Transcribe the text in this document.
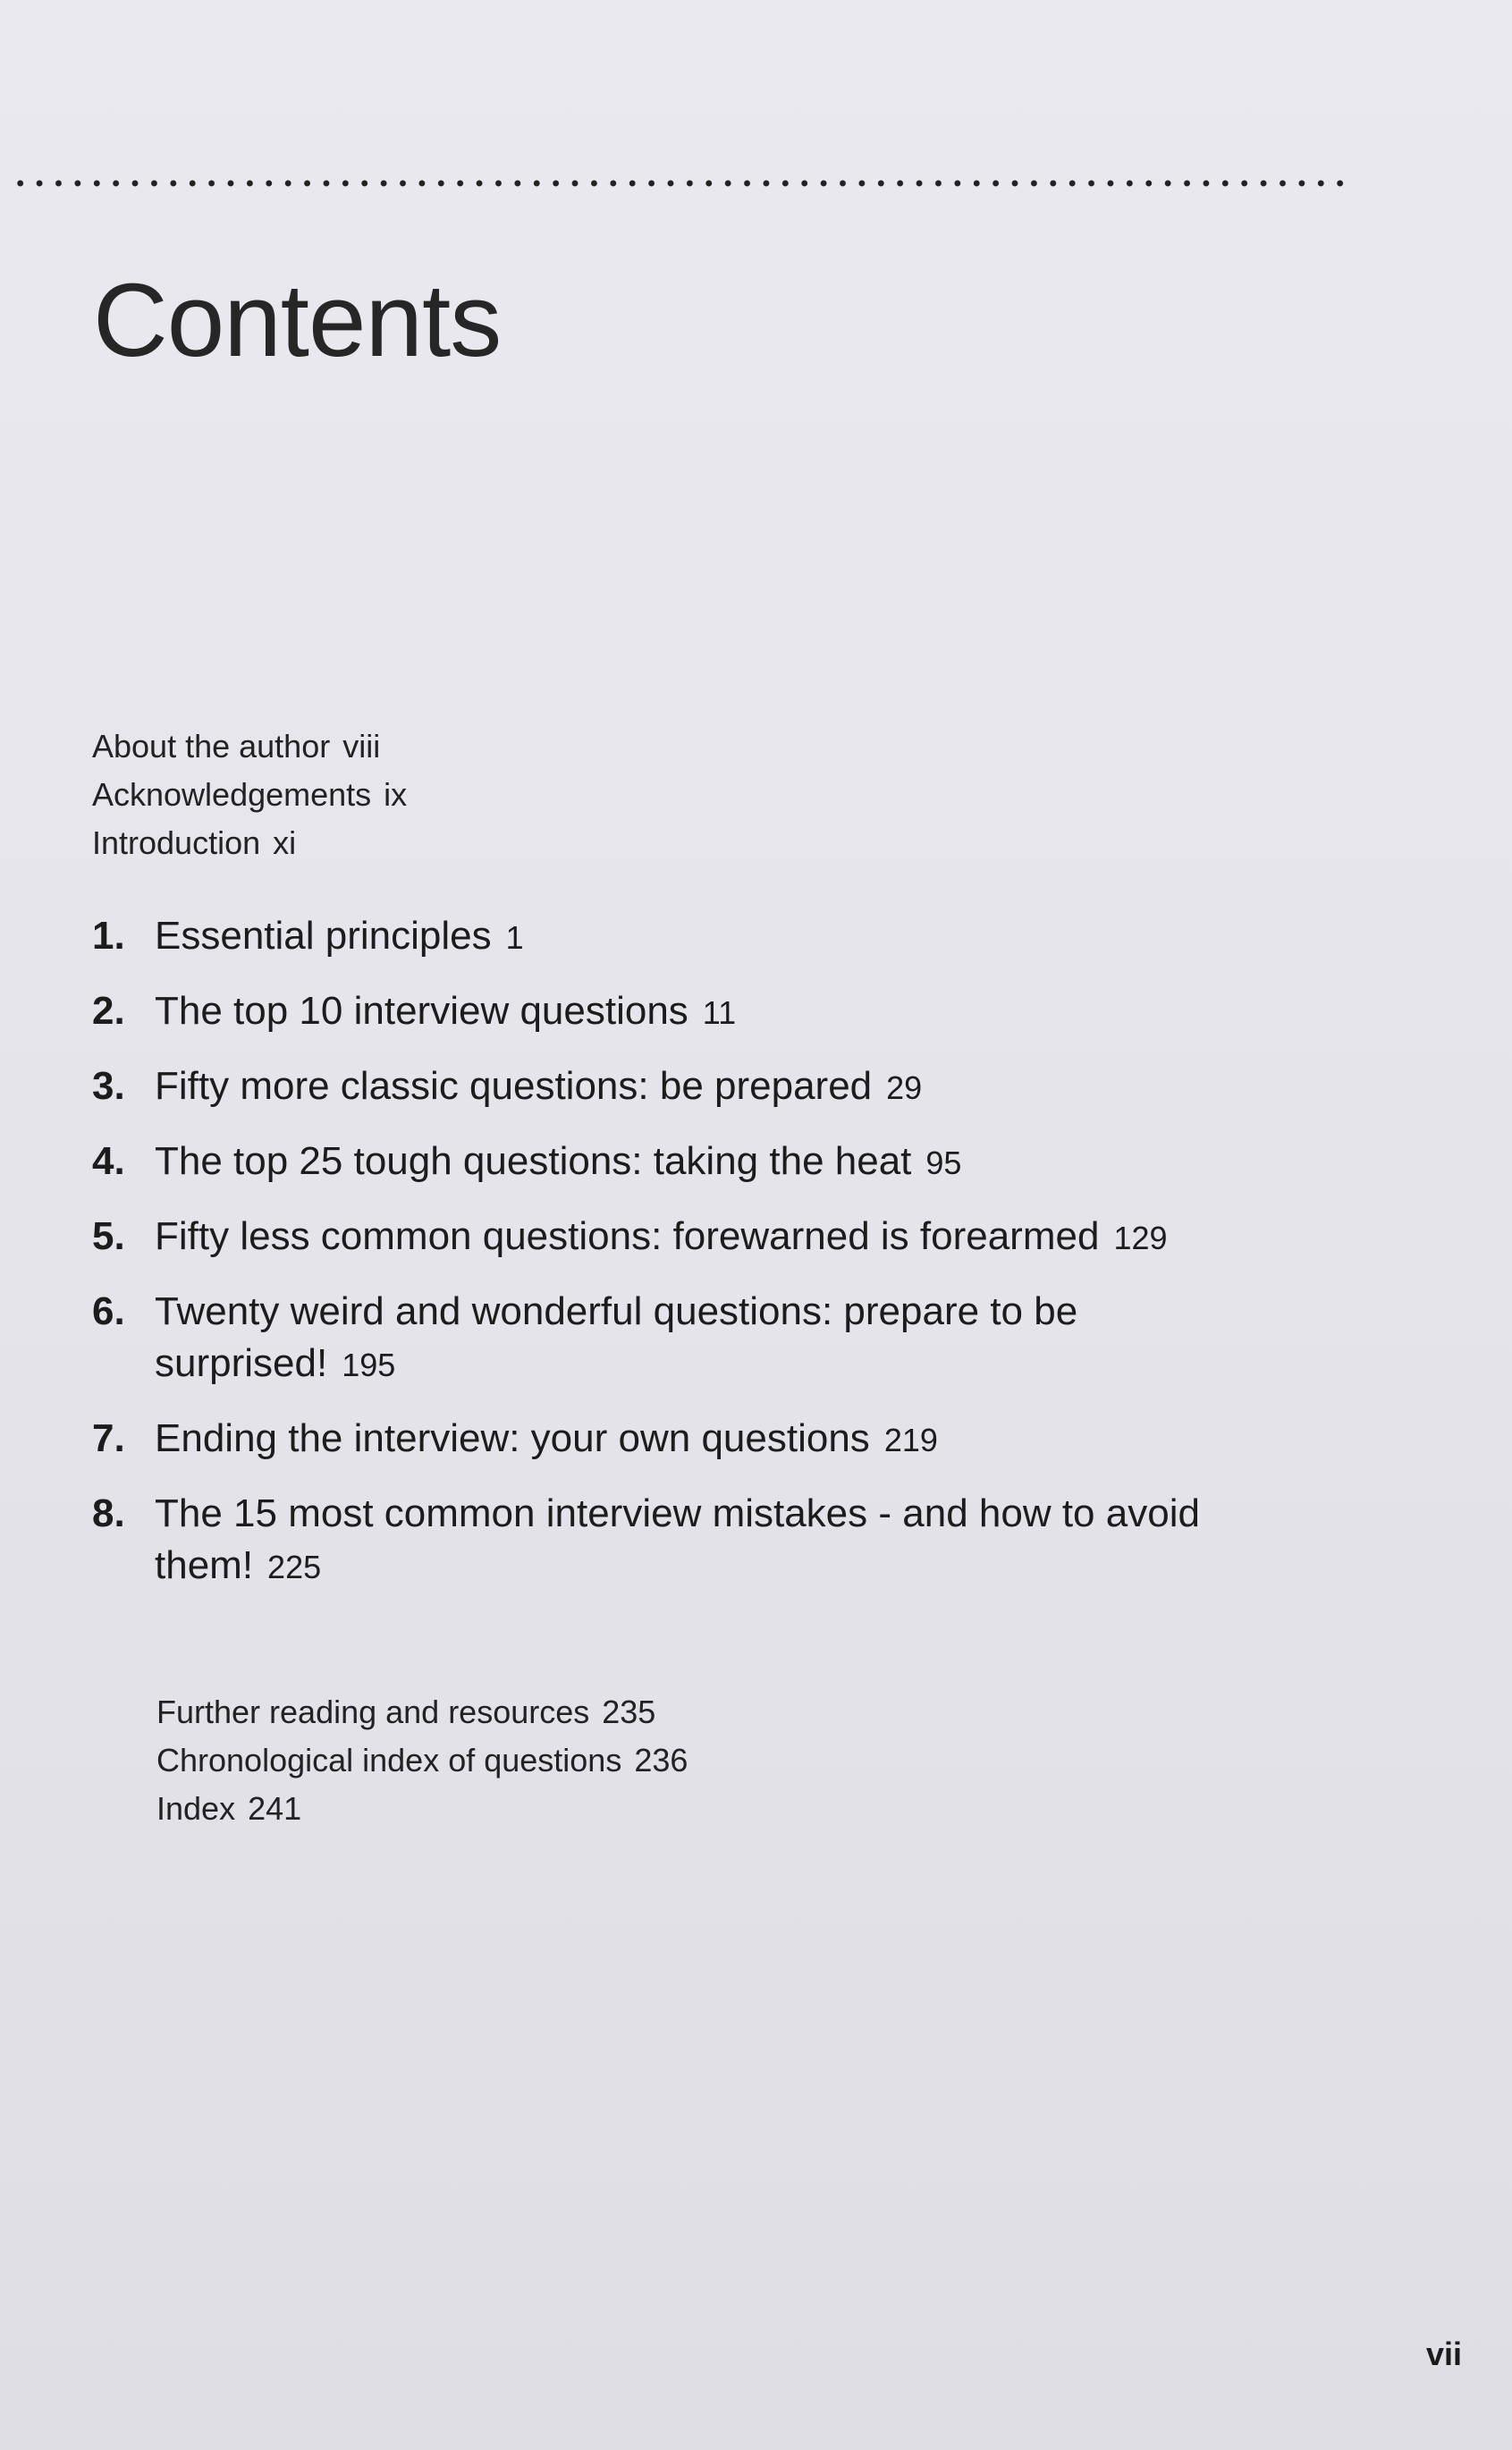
Contents
About the author viii
Acknowledgements ix
Introduction xi
1. Essential principles 1
2. The top 10 interview questions 11
3. Fifty more classic questions: be prepared 29
4. The top 25 tough questions: taking the heat 95
5. Fifty less common questions: forewarned is forearmed 129
6. Twenty weird and wonderful questions: prepare to be surprised! 195
7. Ending the interview: your own questions 219
8. The 15 most common interview mistakes - and how to avoid them! 225
Further reading and resources 235
Chronological index of questions 236
Index 241
vii
